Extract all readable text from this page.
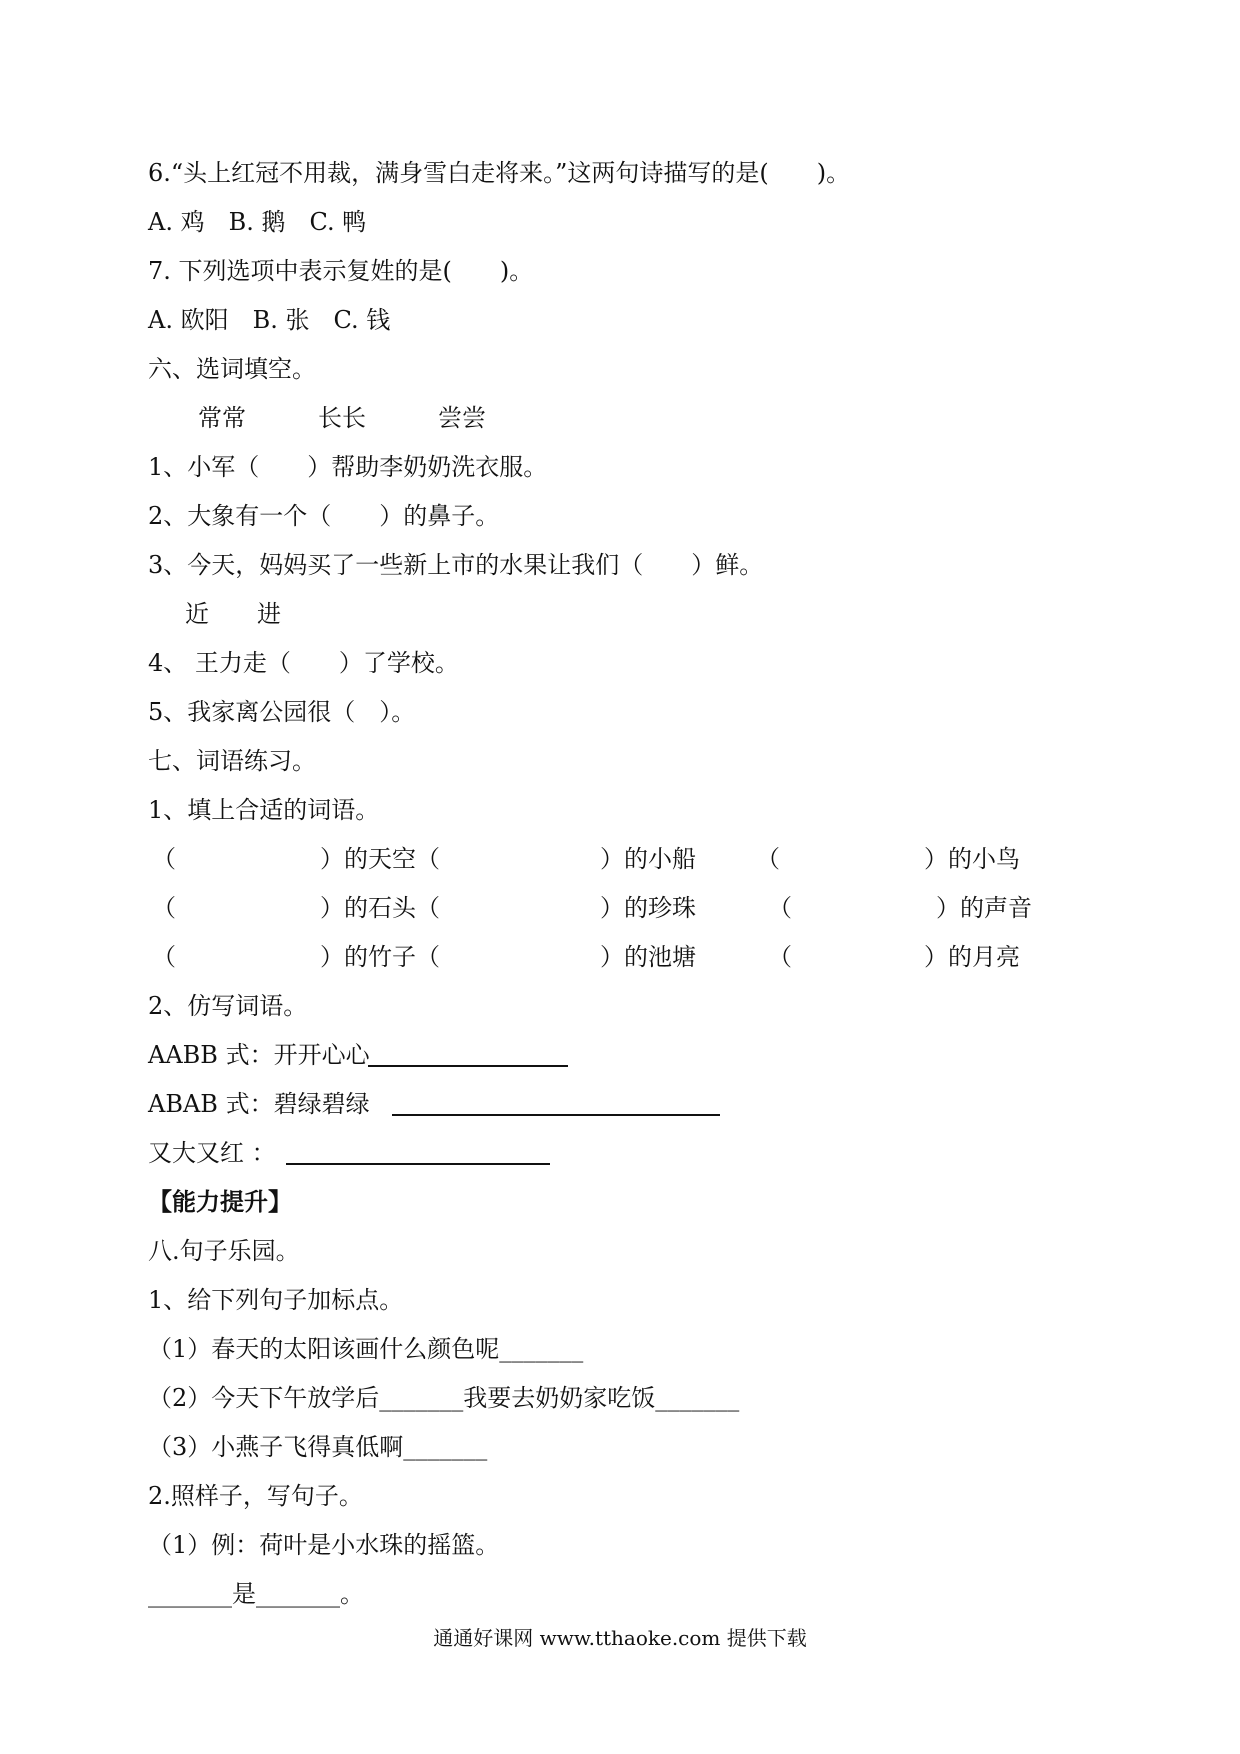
6.“头上红冠不用裁，满身雪白走将来。”这两句诗描写的是(　　)。
A. 鸡　B. 鹅　C. 鸭
7. 下列选项中表示复姓的是(　　)。
A. 欧阳　B. 张　C. 钱
六、选词填空。
常常　　　长长　　　尝尝
1、小军（　　）帮助李奶奶洗衣服。
2、大象有一个（　　）的鼻子。
3、今天，妈妈买了一些新上市的水果让我们（　　）鲜。
近　　进
4、 王力走（　　）了学校。
5、我家离公园很（　）。
七、词语练习。
1、填上合适的词语。
（	）的天空（	）的小船	（	）的小鸟
（	）的石头（	）的珍珠	（	）的声音
（	）的竹子（	）的池塘	（	）的月亮
2、仿写词语。
AABB 式：开开心心
ABAB 式：碧绿碧绿
又大又红 ：
【能力提升】
八.句子乐园。
1、给下列句子加标点。
（1）春天的太阳该画什么颜色呢_______
（2）今天下午放学后_______我要去奶奶家吃饭_______
（3）小燕子飞得真低啊_______
2.照样子，写句子。
（1）例：荷叶是小水珠的摇篮。
_______是_______。
通通好课网 www.tthaoke.com 提供下载
